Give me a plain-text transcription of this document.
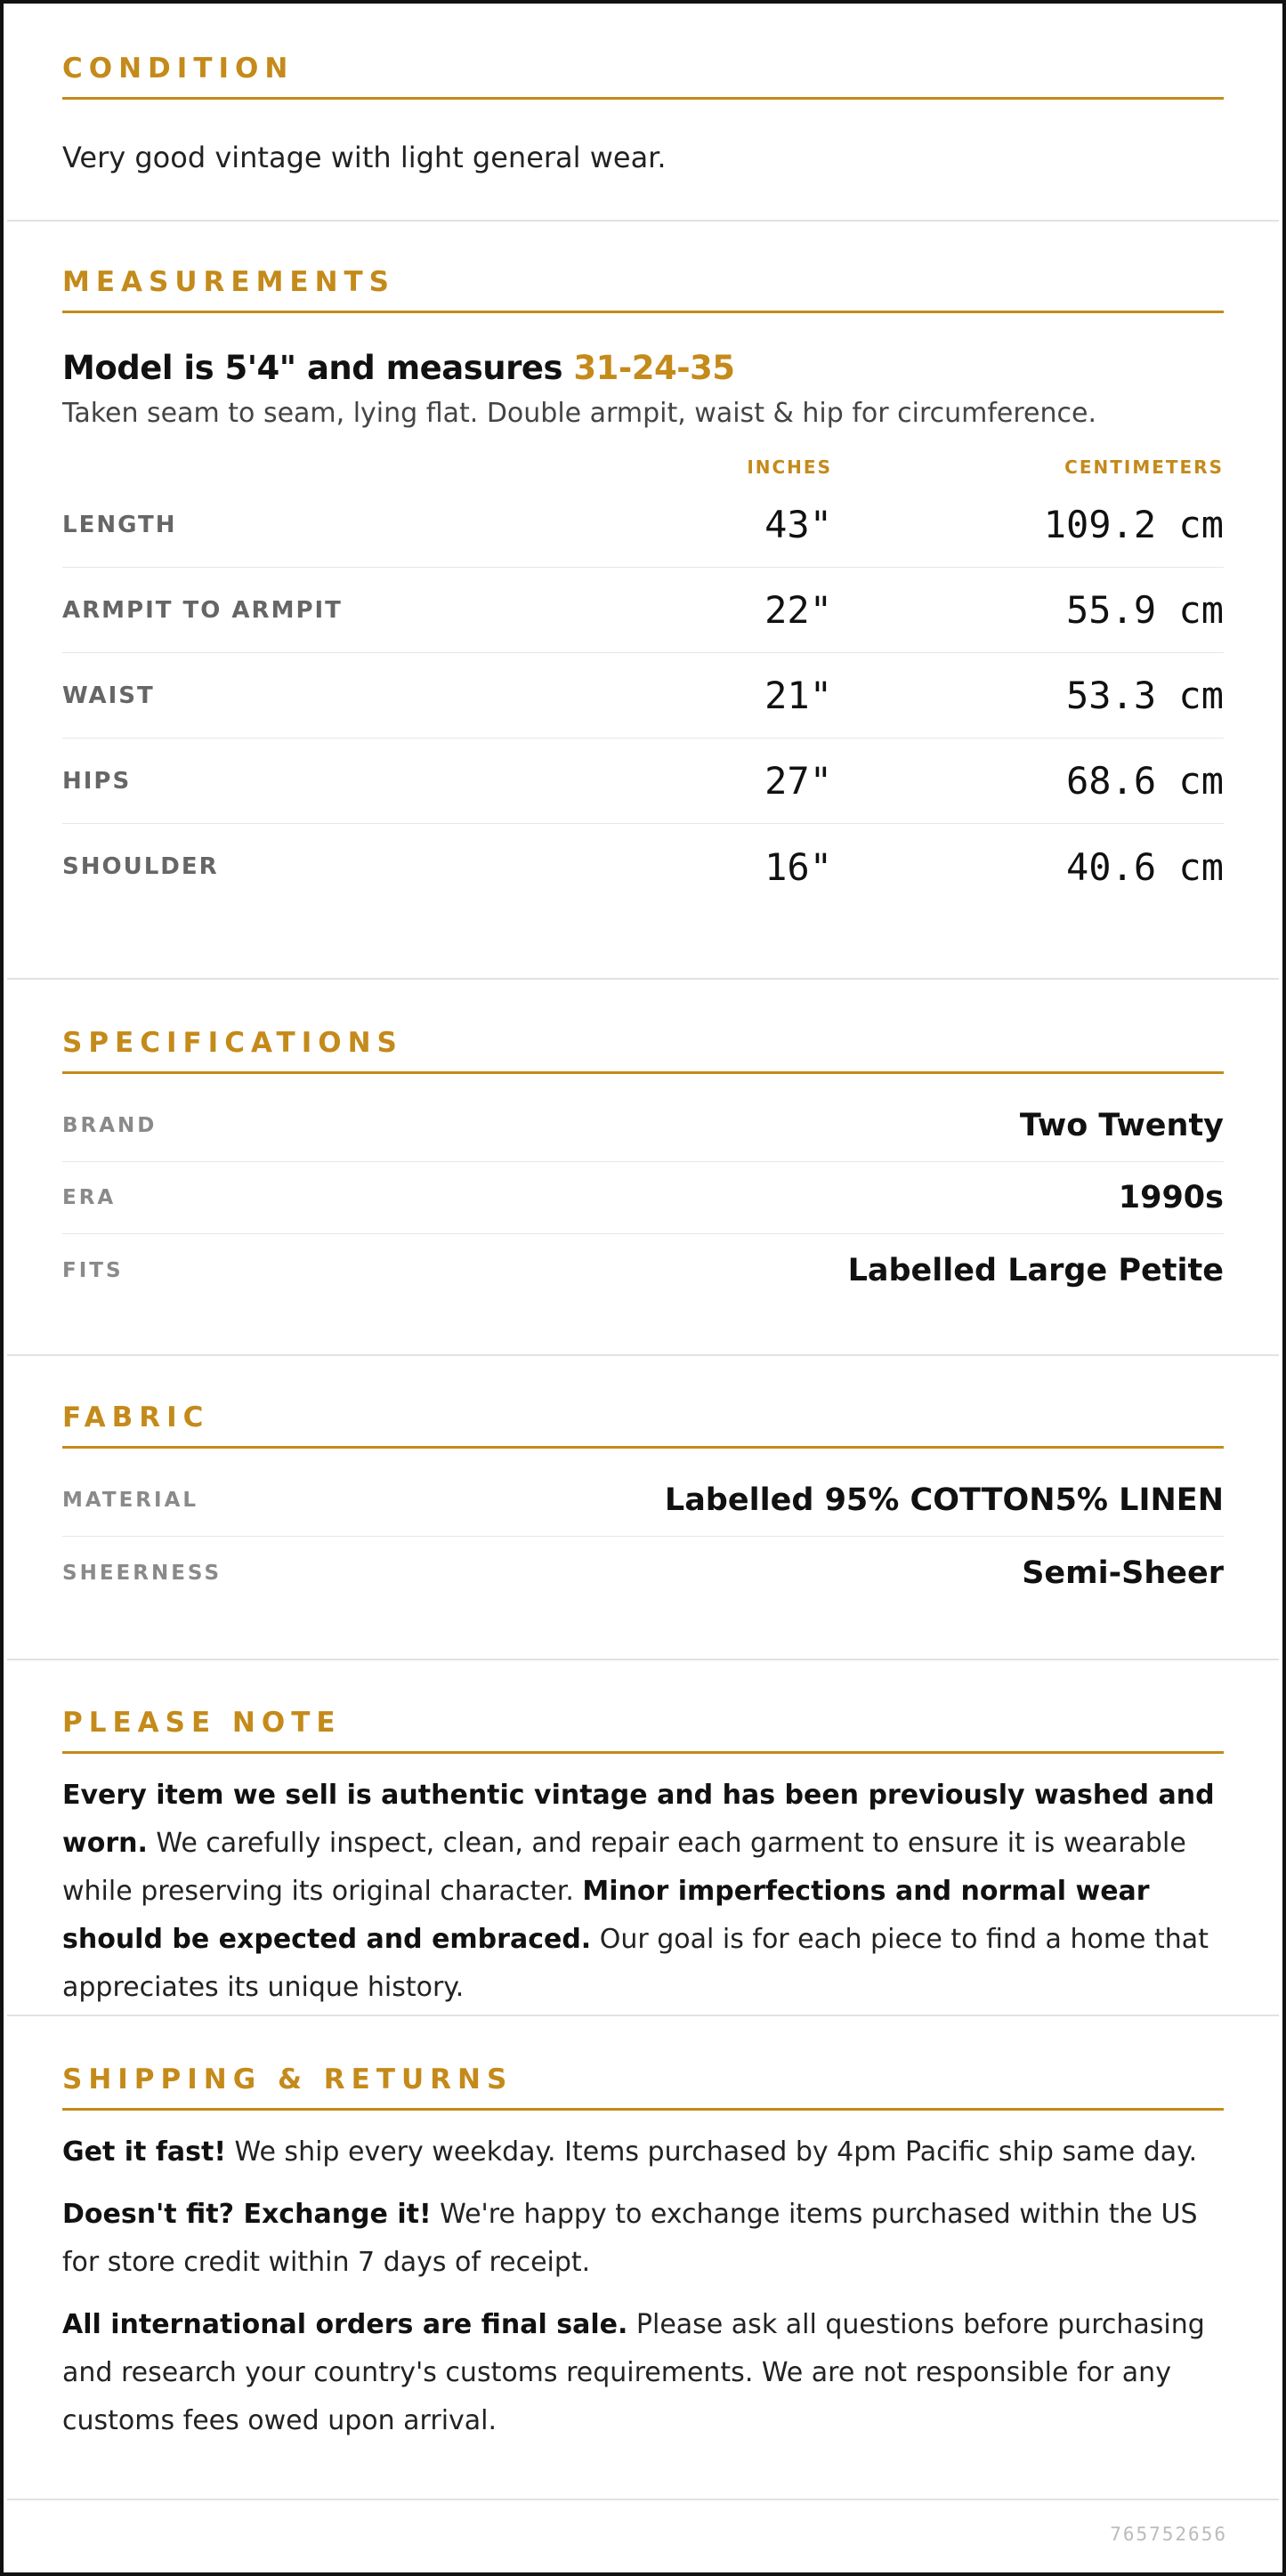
CONDITION
Very good vintage with light general wear.
MEASUREMENTS
Model is 5'4" and measures 31-24-35
Taken seam to seam, lying flat. Double armpit, waist & hip for circumference.
INCHES	CENTIMETERS
LENGTH	43"	109.2 cm
ARMPIT TO ARMPIT	22"	55.9 cm
WAIST	21"	53.3 cm
HIPS	27"	68.6 cm
SHOULDER	16"	40.6 cm
SPECIFICATIONS
BRAND	Two Twenty
ERA	1990s
FITS	Labelled Large Petite
FABRIC
MATERIAL	Labelled 95% COTTON5% LINEN
SHEERNESS	Semi-Sheer
PLEASE NOTE
Every item we sell is authentic vintage and has been previously washed and worn. We carefully inspect, clean, and repair each garment to ensure it is wearable while preserving its original character. Minor imperfections and normal wear should be expected and embraced. Our goal is for each piece to find a home that appreciates its unique history.
SHIPPING & RETURNS
Get it fast! We ship every weekday. Items purchased by 4pm Pacific ship same day.
Doesn't fit? Exchange it! We're happy to exchange items purchased within the US for store credit within 7 days of receipt.
All international orders are final sale. Please ask all questions before purchasing and research your country's customs requirements. We are not responsible for any customs fees owed upon arrival.
765752656
